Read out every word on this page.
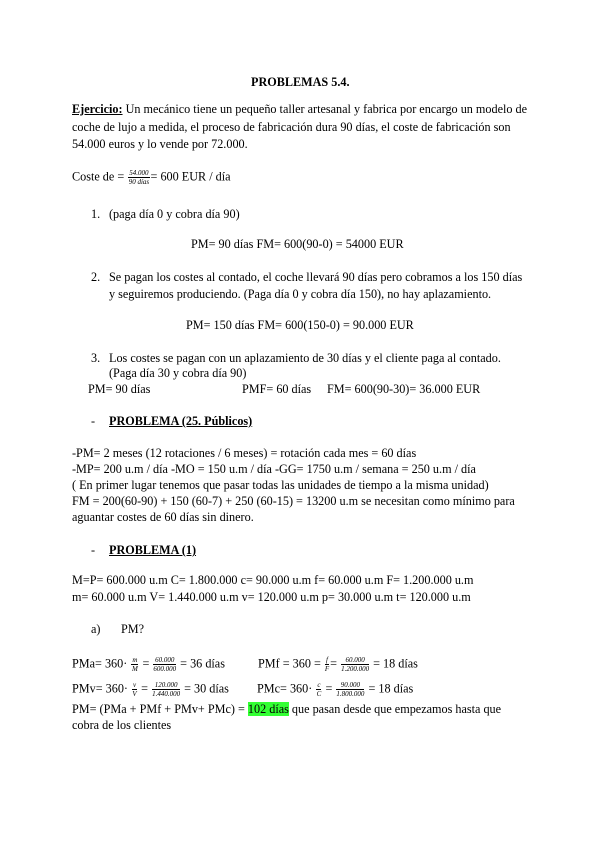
PROBLEMAS 5.4.
Ejercicio: Un mecánico tiene un pequeño taller artesanal y fabrica por encargo un modelo de
coche de lujo a medida, el proceso de fabricación dura 90 días, el coste de fabricación son
54.000 euros y lo vende por 72.000.
Coste de = $\frac{54.000}{\text{90 días}} = 600$ EUR / día
1. (paga día 0 y cobra día 90)
PM= 90 días FM= 600(90-0) = 54000 EUR
2. Se pagan los costes al contado, el coche llevará 90 días pero cobramos a los 150 días
y seguiremos produciendo. (Paga día 0 y cobra día 150), no hay aplazamiento.
PM= 150 días FM= 600(150-0) = 90.000 EUR
3. Los costes se pagan con un aplazamiento de 30 días y el cliente paga al contado.
(Paga día 30 y cobra día 90)
PM= 90 días	PMF= 60 días FM= 600(90-30)= 36.000 EUR
- PROBLEMA (25. Públicos)
-PM= 2 meses (12 rotaciones / 6 meses) = rotación cada mes = 60 días
-MP= 200 u.m / día -MO = 150 u.m / día -GG= 1750 u.m / semana = 250 u.m / día
( En primer lugar tenemos que pasar todas las unidades de tiempo a la misma unidad)
FM = 200(60-90) + 150 (60-7) + 250 (60-15) = 13200 u.m se necesitan como mínimo para
aguantar costes de 60 días sin dinero.
- PROBLEMA (1)
M=P= 600.000 u.m C= 1.800.000 c= 90.000 u.m f= 60.000 u.m F= 1.200.000 u.m
m= 60.000 u.m V= 1.440.000 u.m v= 120.000 u.m p= 30.000 u.m t= 120.000 u.m
a) PM?
$PMa= 360\cdot \frac{m}{M} = \frac{60.000}{600.000} = 36$ días	PMf = $360 = \frac{f}{F} = \frac{60.000}{1.200.000} = 18$ días
$PMv= 360\cdot \frac{v}{V} = \frac{120.000}{1.440.000} = 30$ días $PMc= 360\cdot \frac{c}{C} = \frac{90.000}{1.800.000} = 18$ días
PM= (PMa + PMf + PMv+ PMc) = 102 días que pasan desde que empezamos hasta que
cobra de los clientes
